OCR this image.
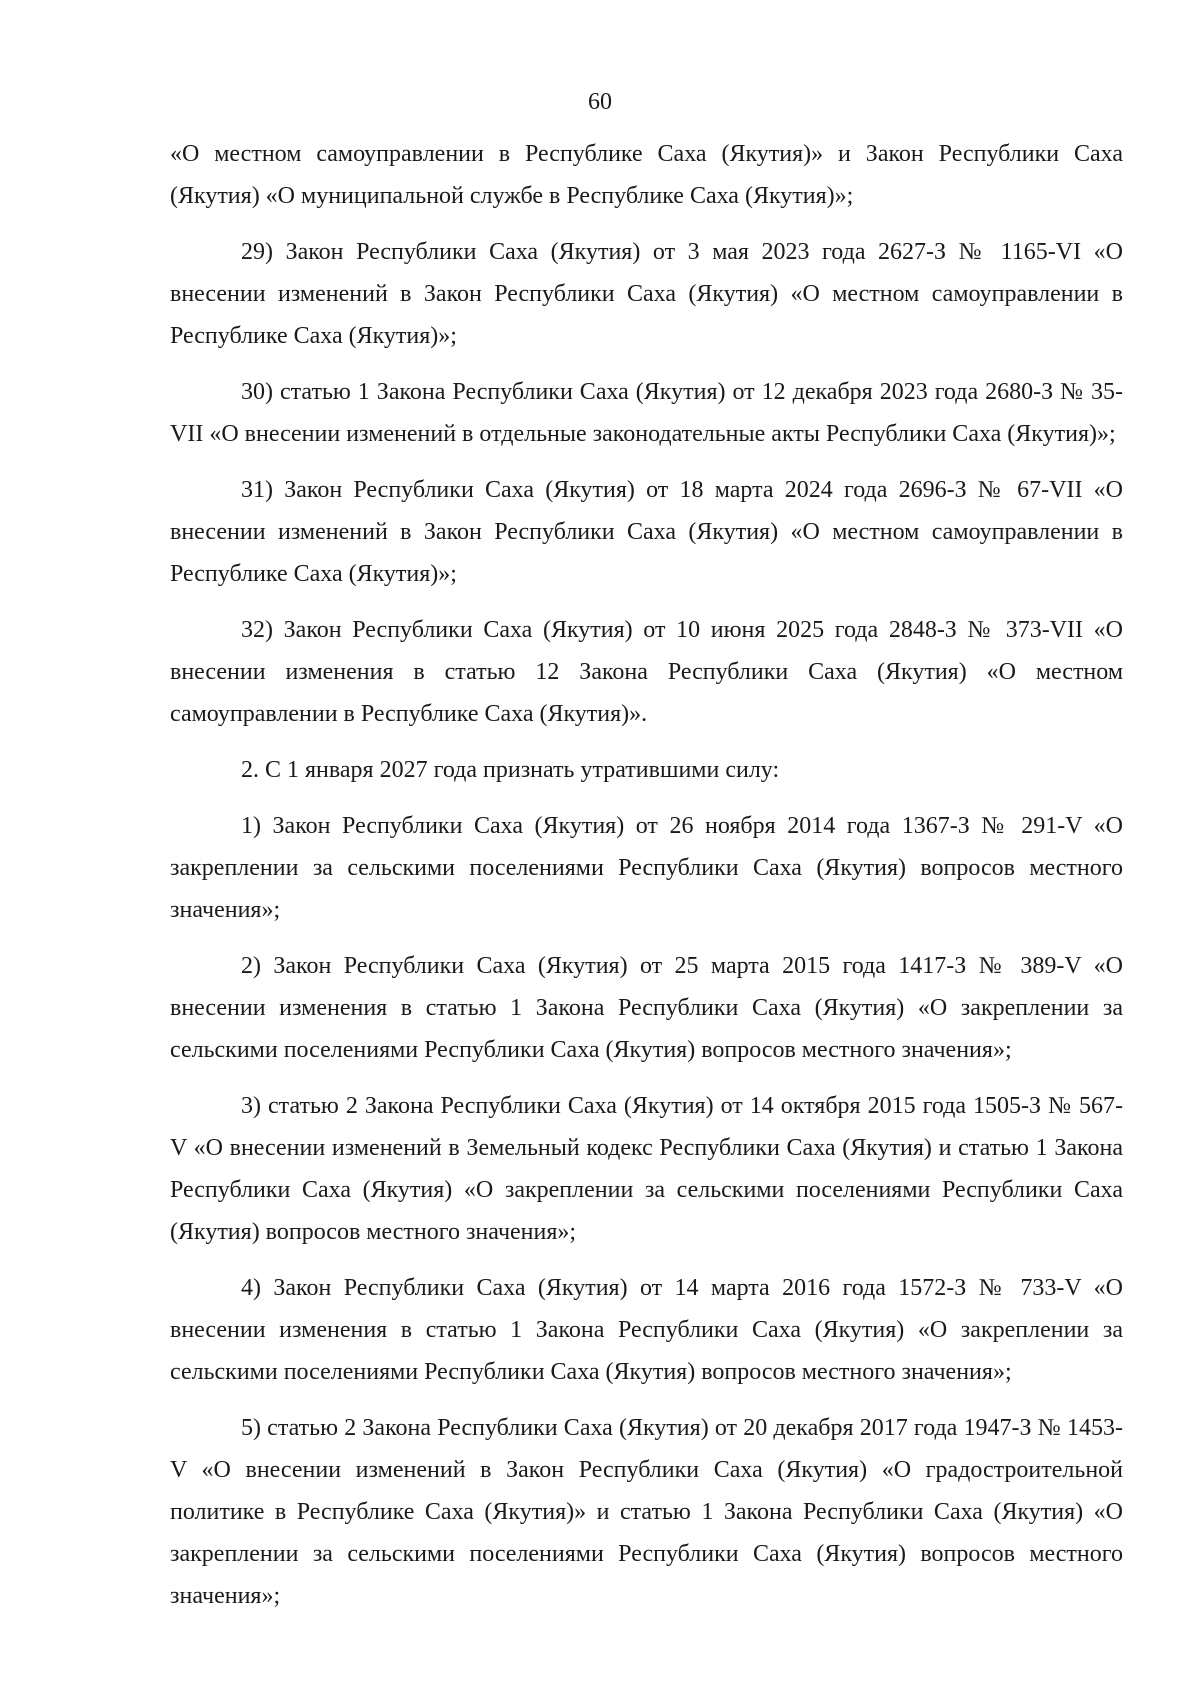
60

«О местном самоуправлении в Республике Саха (Якутия)» и Закон Республики Саха (Якутия) «О муниципальной службе в Республике Саха (Якутия)»;

29) Закон Республики Саха (Якутия) от 3 мая 2023 года 2627-З № 1165-VI «О внесении изменений в Закон Республики Саха (Якутия) «О местном самоуправлении в Республике Саха (Якутия)»;

30) статью 1 Закона Республики Саха (Якутия) от 12 декабря 2023 года 2680-З № 35-VII «О внесении изменений в отдельные законодательные акты Республики Саха (Якутия)»;

31) Закон Республики Саха (Якутия) от 18 марта 2024 года 2696-З № 67-VII «О внесении изменений в Закон Республики Саха (Якутия) «О местном самоуправлении в Республике Саха (Якутия)»;

32) Закон Республики Саха (Якутия) от 10 июня 2025 года 2848-З № 373-VII «О внесении изменения в статью 12 Закона Республики Саха (Якутия) «О местном самоуправлении в Республике Саха (Якутия)».

2. С 1 января 2027 года признать утратившими силу:

1) Закон Республики Саха (Якутия) от 26 ноября 2014 года 1367-З № 291-V «О закреплении за сельскими поселениями Республики Саха (Якутия) вопросов местного значения»;

2) Закон Республики Саха (Якутия) от 25 марта 2015 года 1417-З № 389-V «О внесении изменения в статью 1 Закона Республики Саха (Якутия) «О закреплении за сельскими поселениями Республики Саха (Якутия) вопросов местного значения»;

3) статью 2 Закона Республики Саха (Якутия) от 14 октября 2015 года 1505-З № 567-V «О внесении изменений в Земельный кодекс Республики Саха (Якутия) и статью 1 Закона Республики Саха (Якутия) «О закреплении за сельскими поселениями Республики Саха (Якутия) вопросов местного значения»;

4) Закон Республики Саха (Якутия) от 14 марта 2016 года 1572-З № 733-V «О внесении изменения в статью 1 Закона Республики Саха (Якутия) «О закреплении за сельскими поселениями Республики Саха (Якутия) вопросов местного значения»;

5) статью 2 Закона Республики Саха (Якутия) от 20 декабря 2017 года 1947-З № 1453-V «О внесении изменений в Закон Республики Саха (Якутия) «О градостроительной политике в Республике Саха (Якутия)» и статью 1 Закона Республики Саха (Якутия) «О закреплении за сельскими поселениями Республики Саха (Якутия) вопросов местного значения»;
